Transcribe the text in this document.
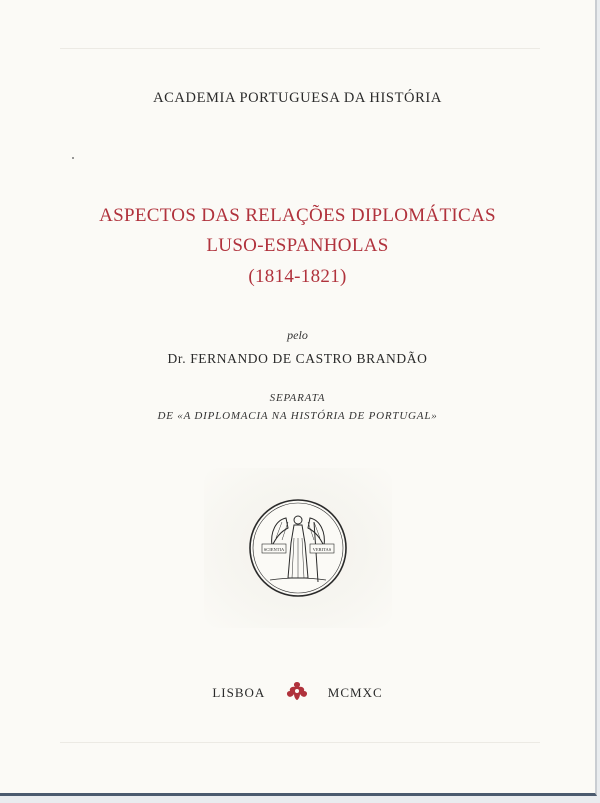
ACADEMIA PORTUGUESA DA HISTÓRIA
ASPECTOS DAS RELAÇÕES DIPLOMÁTICAS
LUSO-ESPANHOLAS
(1814-1821)
pelo
Dr. FERNANDO DE CASTRO BRANDÃO
SEPARATA
DE «A DIPLOMACIA NA HISTÓRIA DE PORTUGAL»
SCIENTIA	VERITAS
LISBOA	MCMXC
